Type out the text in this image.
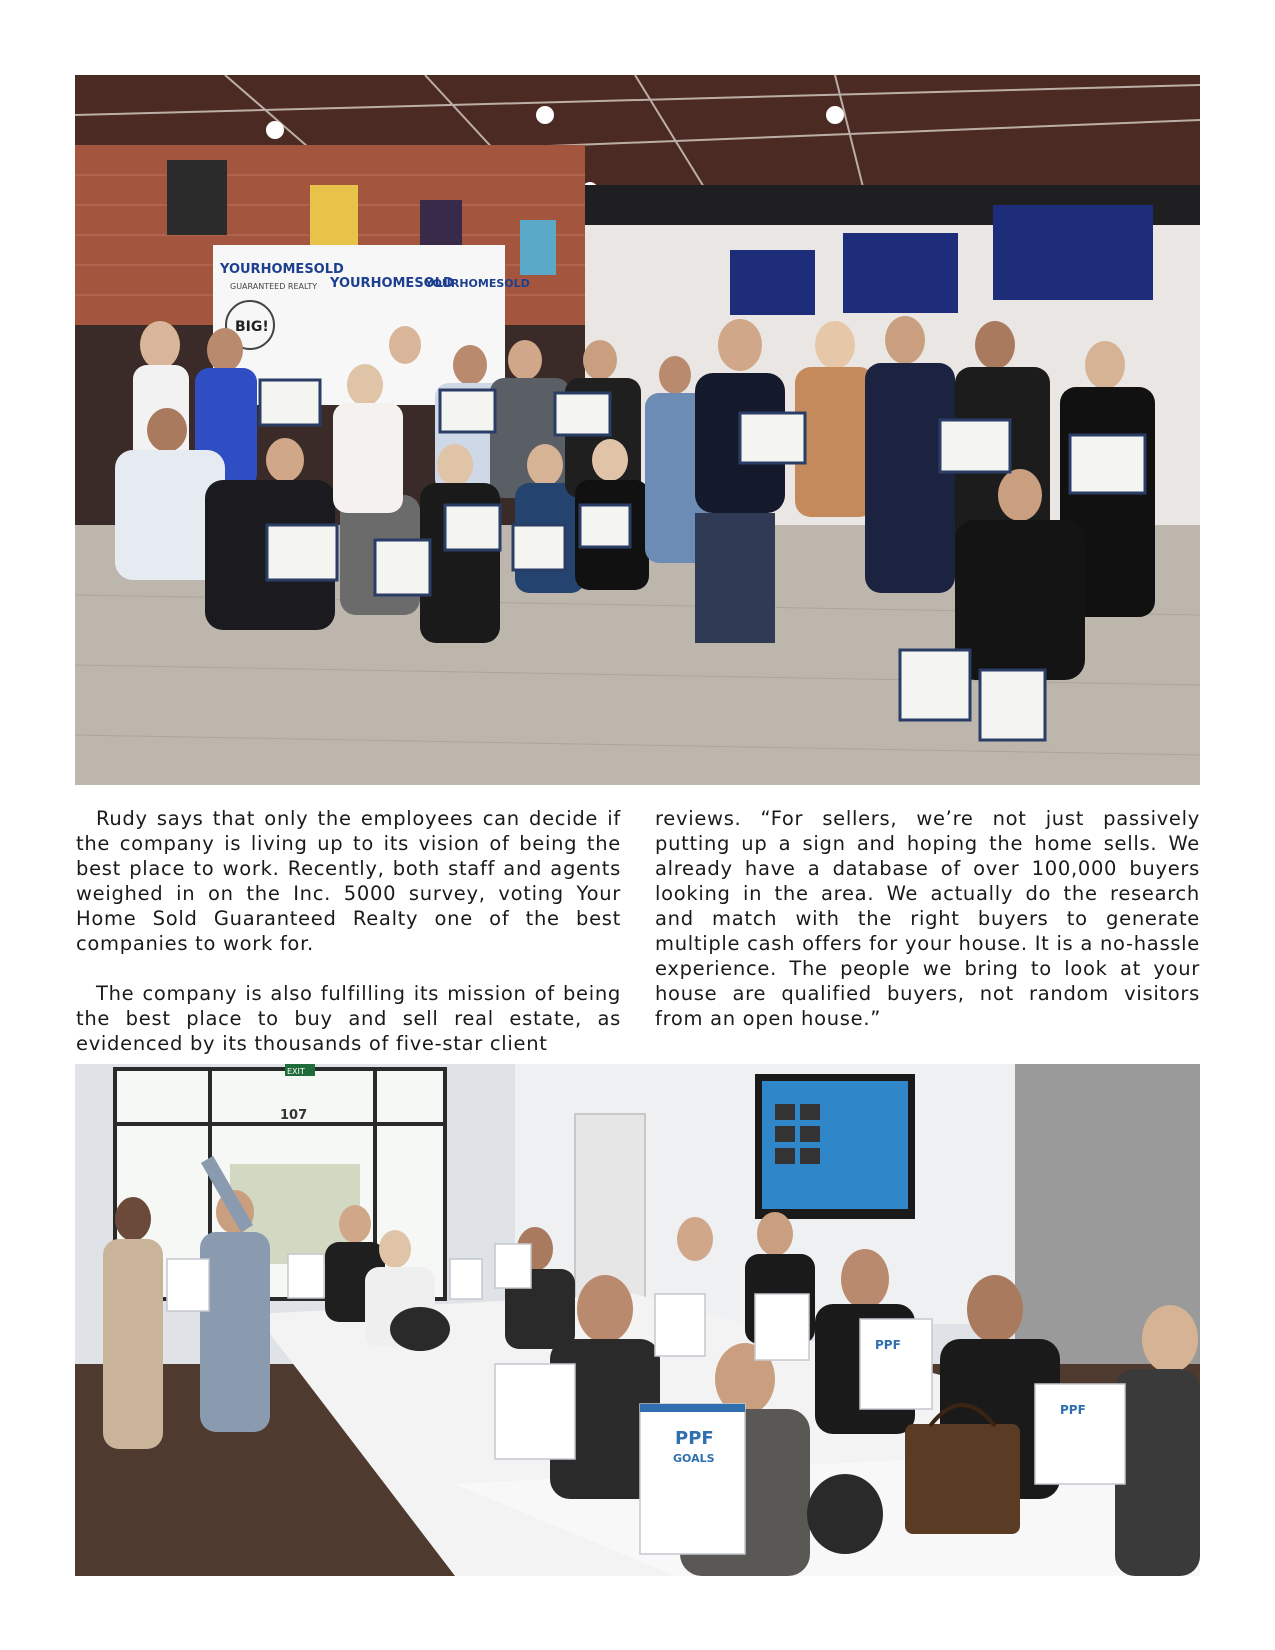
YOURHOMESOLD
YOURHOMESOLD
YOURHOMESOLD
GUARANTEED REALTY
BIG!

Rudy says that only the employees can decide if the company is living up to its vision of being the best place to work. Recently, both staff and agents weighed in on the Inc. 5000 survey, voting Your Home Sold Guaranteed Realty one of the best companies to work for.

The company is also fulfilling its mission of being the best place to buy and sell real estate, as evidenced by its thousands of five-star client

reviews. “For sellers, we’re not just passively putting up a sign and hoping the home sells. We already have a database of over 100,000 buyers looking in the area. We actually do the research and match with the right buyers to generate multiple cash offers for your house. It is a no-hassle experience. The people we bring to look at your house are qualified buyers, not random visitors from an open house.”

107
EXIT
PPF
GOALS
PPF
PPF
